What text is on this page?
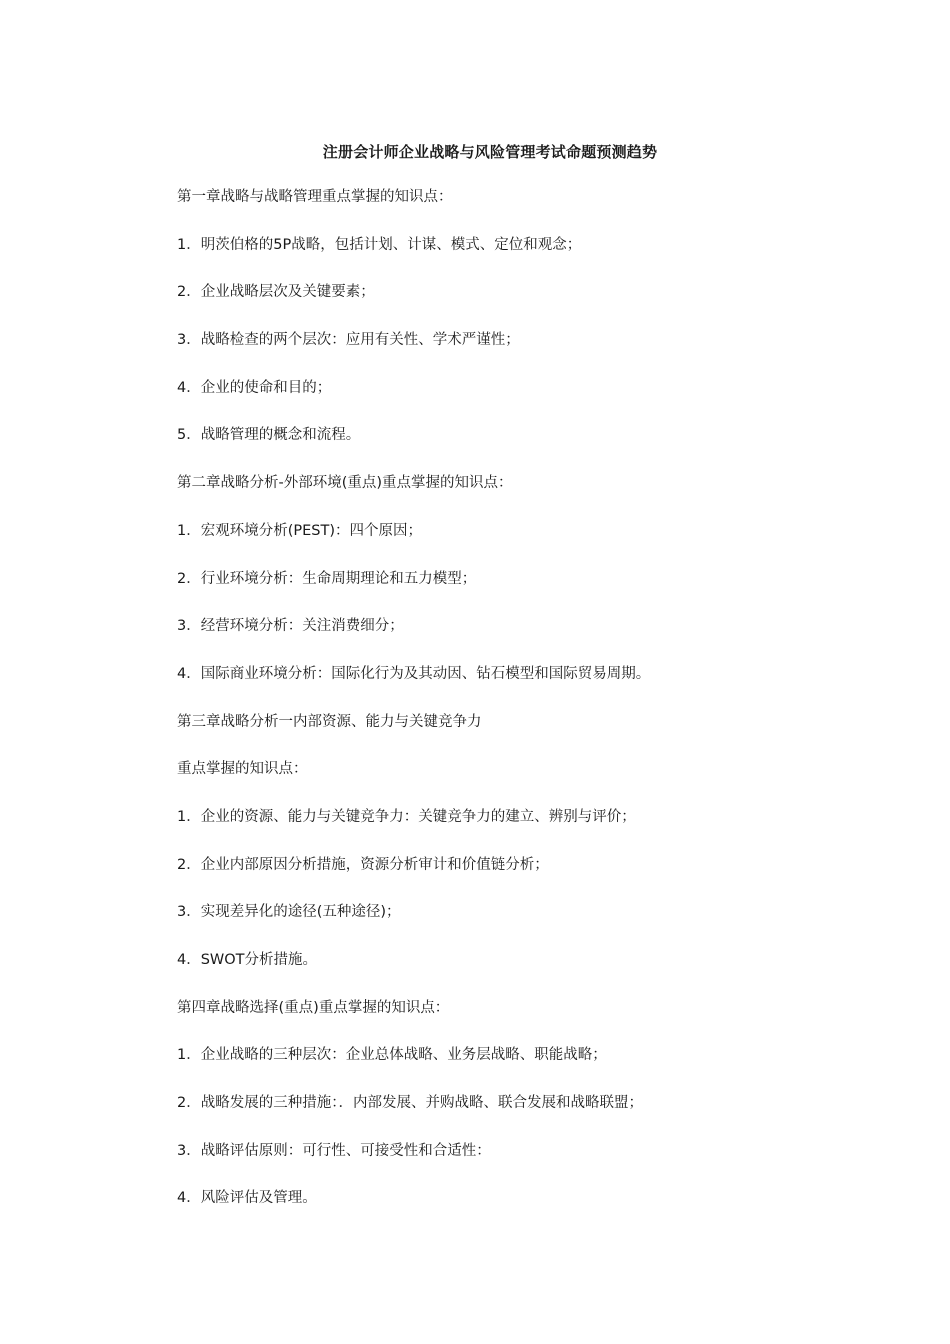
注册会计师企业战略与风险管理考试命题预测趋势
第一章战略与战略管理重点掌握的知识点：
1．明茨伯格的5P战略，包括计划、计谋、模式、定位和观念；
2．企业战略层次及关键要素；
3．战略检查的两个层次：应用有关性、学术严谨性；
4．企业的使命和目的；
5．战略管理的概念和流程。
第二章战略分析-外部环境(重点)重点掌握的知识点：
1．宏观环境分析(PEST)：四个原因；
2．行业环境分析：生命周期理论和五力模型；
3．经营环境分析：关注消费细分；
4．国际商业环境分析：国际化行为及其动因、钻石模型和国际贸易周期。
第三章战略分析一内部资源、能力与关键竞争力
重点掌握的知识点：
1．企业的资源、能力与关键竞争力：关键竞争力的建立、辨别与评价；
2．企业内部原因分析措施，资源分析审计和价值链分析；
3．实现差异化的途径(五种途径)；
4．SWOT分析措施。
第四章战略选择(重点)重点掌握的知识点：
1．企业战略的三种层次：企业总体战略、业务层战略、职能战略；
2．战略发展的三种措施：．内部发展、并购战略、联合发展和战略联盟；
3．战略评估原则：可行性、可接受性和合适性：
4．风险评估及管理。
